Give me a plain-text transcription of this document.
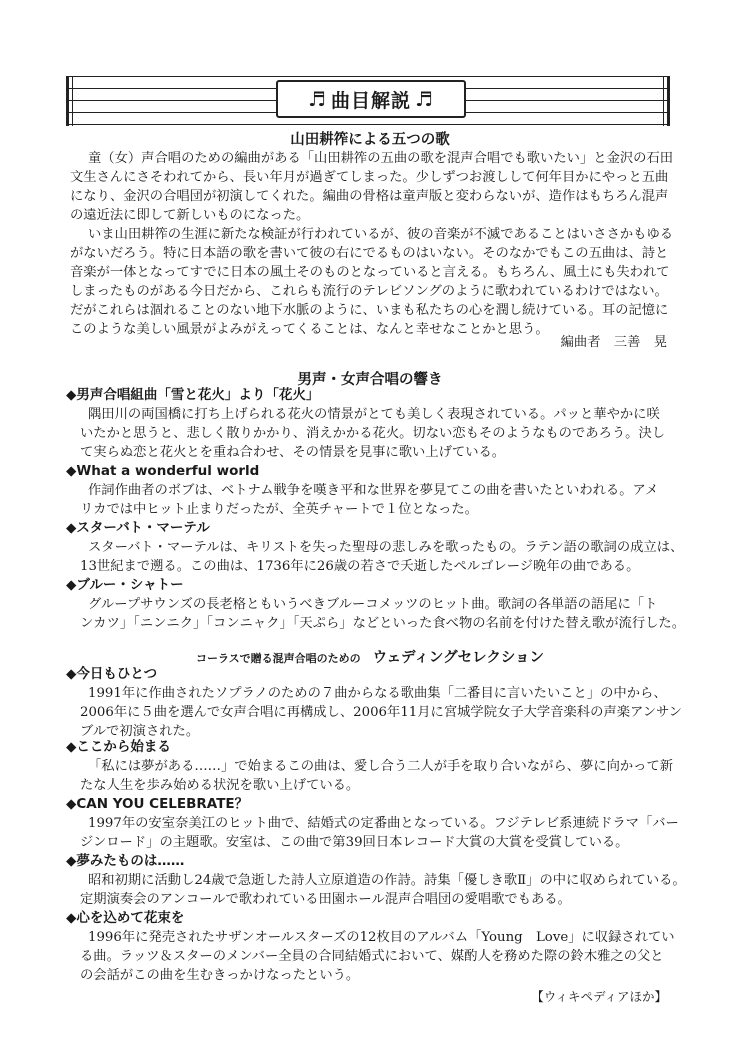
♬ 曲目解説 ♬
山田耕筰による五つの歌
童（女）声合唱のための編曲がある「山田耕筰の五曲の歌を混声合唱でも歌いたい」と金沢の石田
文生さんにさそわれてから、長い年月が過ぎてしまった。少しずつお渡しして何年目かにやっと五曲
になり、金沢の合唱団が初演してくれた。編曲の骨格は童声版と変わらないが、造作はもちろん混声
の遠近法に即して新しいものになった。
いま山田耕筰の生涯に新たな検証が行われているが、彼の音楽が不滅であることはいささかもゆる
がないだろう。特に日本語の歌を書いて彼の右にでるものはいない。そのなかでもこの五曲は、詩と
音楽が一体となってすでに日本の風土そのものとなっていると言える。もちろん、風土にも失われて
しまったものがある今日だから、これらも流行のテレビソングのように歌われているわけではない。
だがこれらは涸れることのない地下水脈のように、いまも私たちの心を潤し続けている。耳の記憶に
このような美しい風景がよみがえってくることは、なんと幸せなことかと思う。
編曲者　三善　晃
男声・女声合唱の響き
◆男声合唱組曲「雪と花火」より「花火」
隅田川の両国橋に打ち上げられる花火の情景がとても美しく表現されている。パッと華やかに咲
いたかと思うと、悲しく散りかかり、消えかかる花火。切ない恋もそのようなものであろう。決し
て実らぬ恋と花火とを重ね合わせ、その情景を見事に歌い上げている。
◆What a wonderful world
作詞作曲者のボブは、ベトナム戦争を嘆き平和な世界を夢見てこの曲を書いたといわれる。アメ
リカでは中ヒット止まりだったが、全英チャートで１位となった。
◆スターバト・マーテル
スターバト・マーテルは、キリストを失った聖母の悲しみを歌ったもの。ラテン語の歌詞の成立は、
13世紀まで遡る。この曲は、1736年に26歳の若さで夭逝したペルゴレージ晩年の曲である。
◆ブルー・シャトー
グループサウンズの長老格ともいうべきブルーコメッツのヒット曲。歌詞の各単語の語尾に「ト
ンカツ」「ニンニク」「コンニャク」「天ぷら」などといった食べ物の名前を付けた替え歌が流行した。
コーラスで贈る混声合唱のための ウェディングセレクション
◆今日もひとつ
1991年に作曲されたソプラノのための７曲からなる歌曲集「二番目に言いたいこと」の中から、
2006年に５曲を選んで女声合唱に再構成し、2006年11月に宮城学院女子大学音楽科の声楽アンサン
ブルで初演された。
◆ここから始まる
「私には夢がある……」で始まるこの曲は、愛し合う二人が手を取り合いながら、夢に向かって新
たな人生を歩み始める状況を歌い上げている。
◆CAN YOU CELEBRATE？
1997年の安室奈美江のヒット曲で、結婚式の定番曲となっている。フジテレビ系連続ドラマ「バー
ジンロード」の主題歌。安室は、この曲で第39回日本レコード大賞の大賞を受賞している。
◆夢みたものは……
昭和初期に活動し24歳で急逝した詩人立原道造の作詩。詩集「優しき歌Ⅱ」の中に収められている。
定期演奏会のアンコールで歌われている田園ホール混声合唱団の愛唱歌でもある。
◆心を込めて花束を
1996年に発売されたサザンオールスターズの12枚目のアルバム「Young　Love」に収録されてい
る曲。ラッツ＆スターのメンバー全員の合同結婚式において、媒酌人を務めた際の鈴木雅之の父と
の会話がこの曲を生むきっかけなったという。
【ウィキペディアほか】
